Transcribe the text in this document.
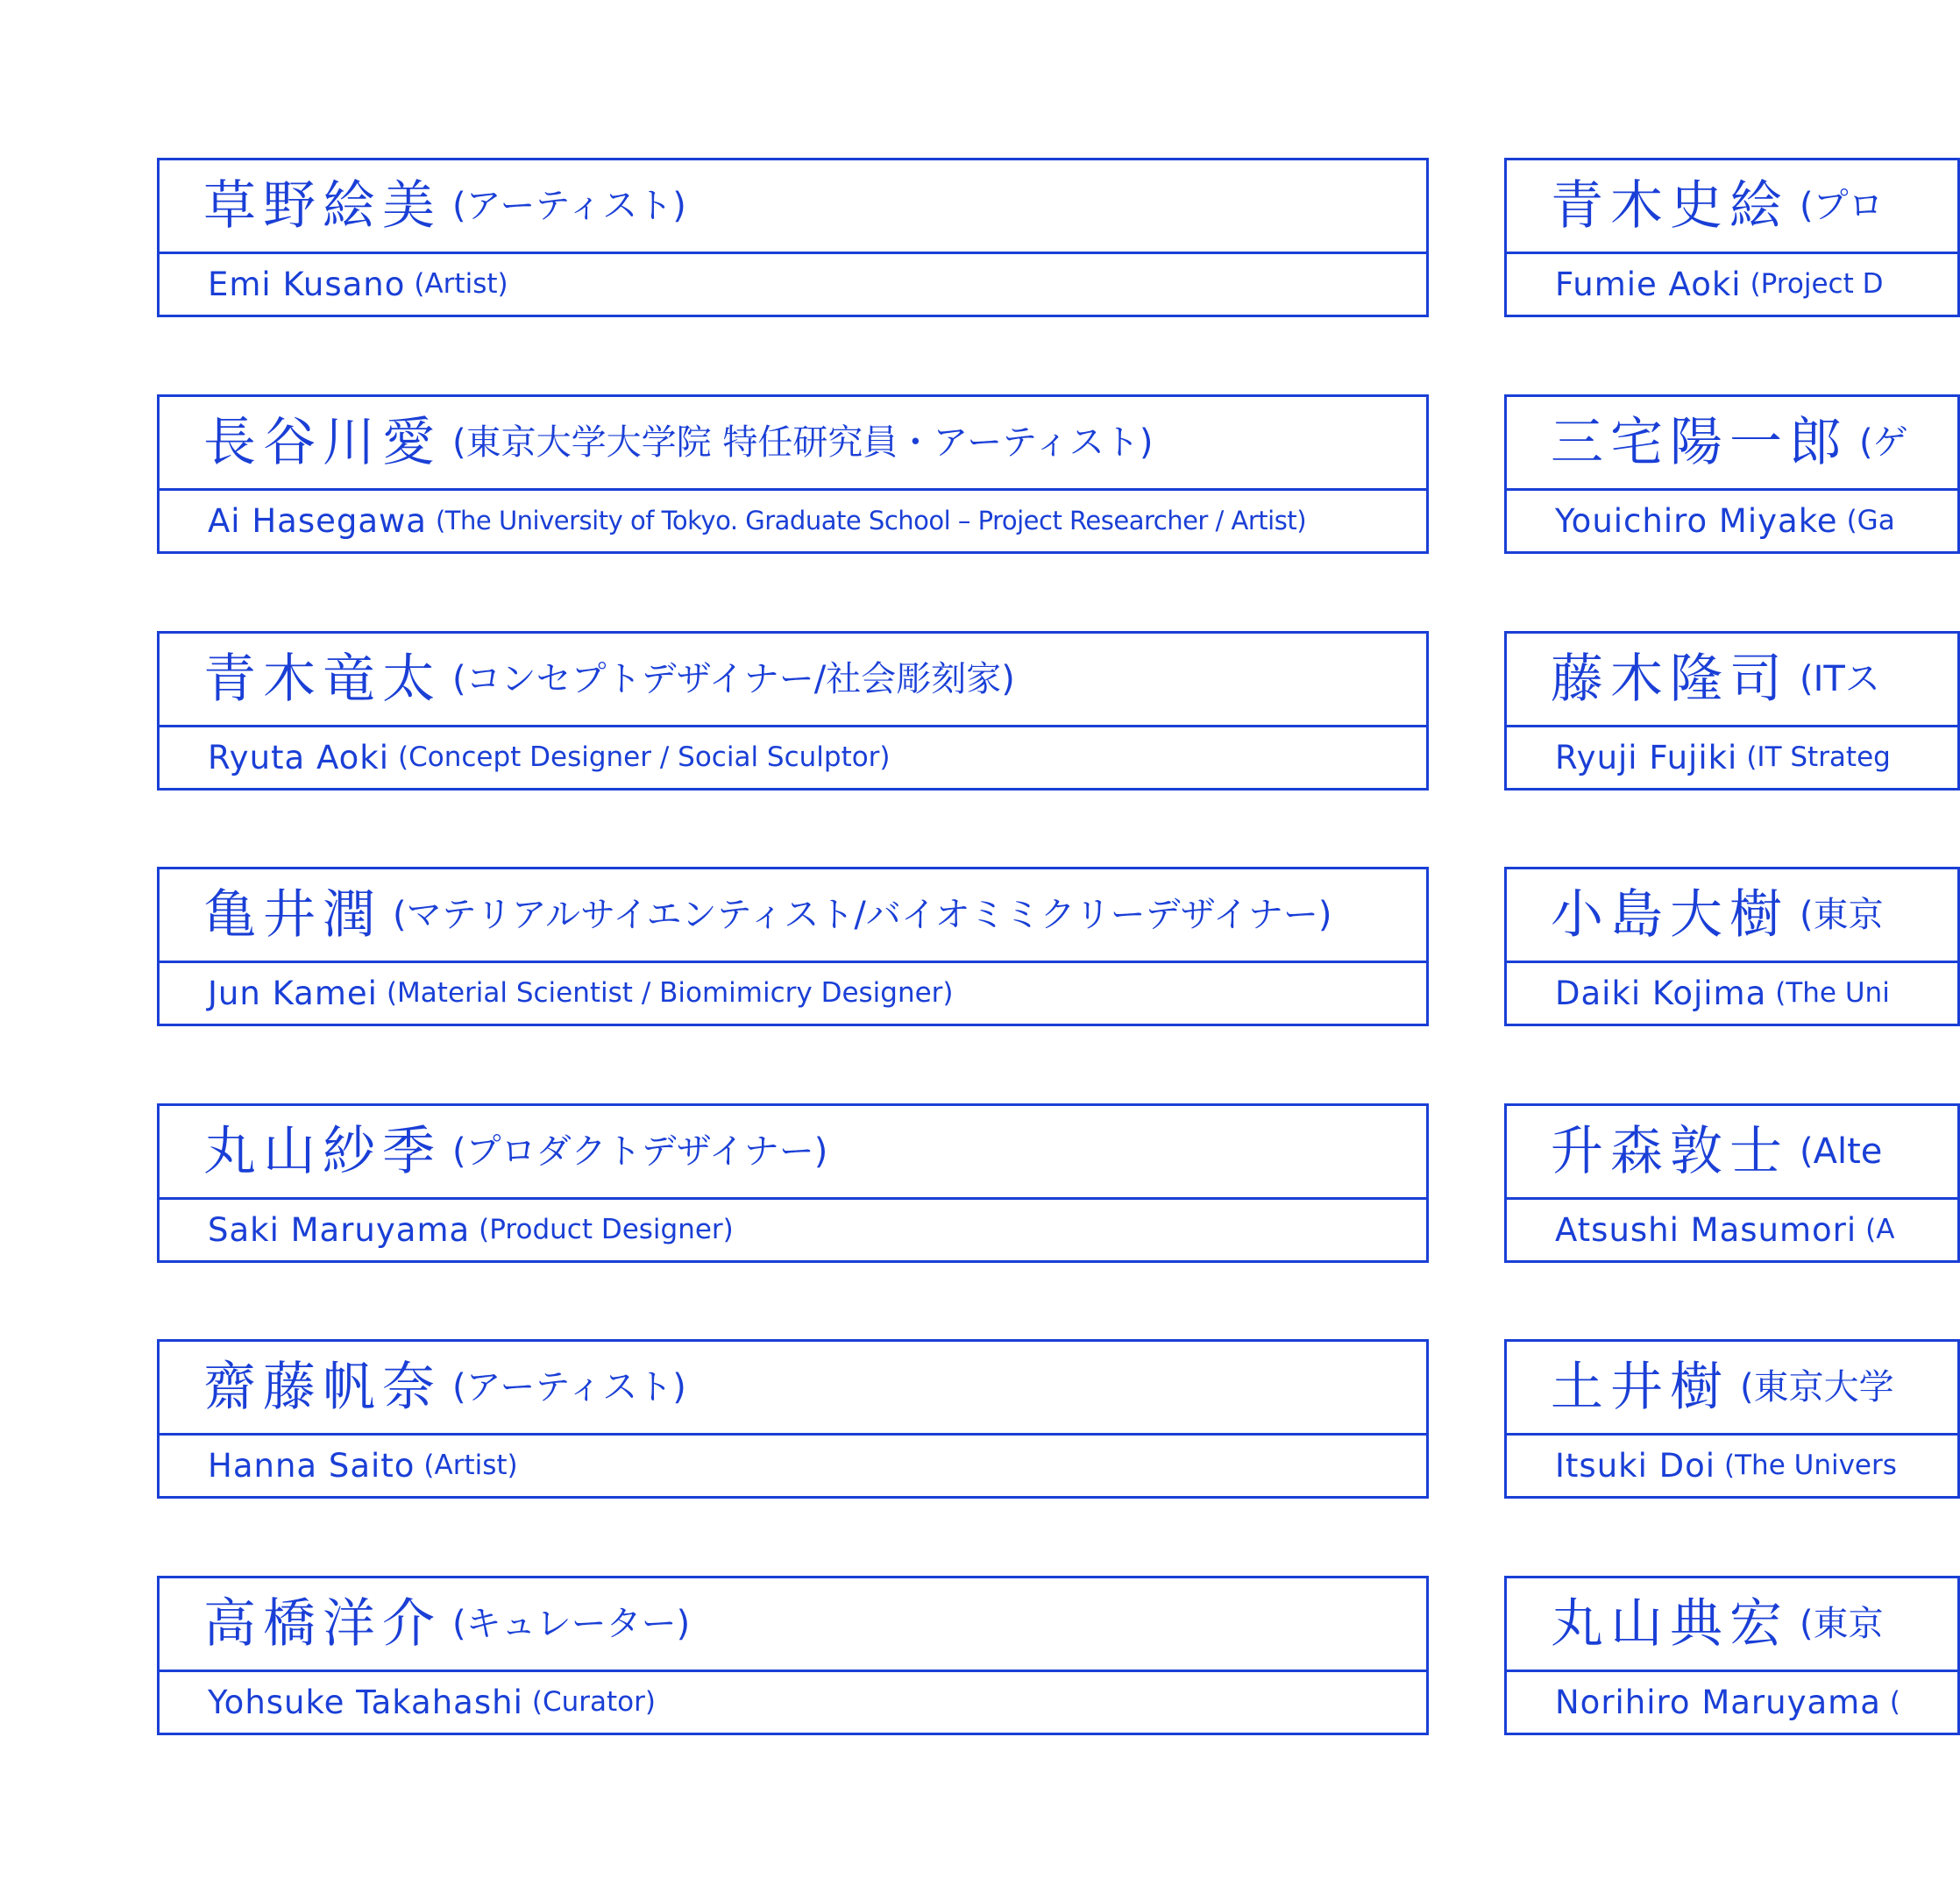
草野絵美 (アーティスト)
Emi Kusano (Artist)
長谷川愛 (東京大学大学院 特任研究員・アーティスト)
Ai Hasegawa (The University of Tokyo. Graduate School – Project Researcher / Artist)
青木竜太 (コンセプトデザイナー/社会彫刻家)
Ryuta Aoki (Concept Designer / Social Sculptor)
亀井潤 (マテリアルサイエンティスト/バイオミミクリーデザイナー)
Jun Kamei (Material Scientist / Biomimicry Designer)
丸山紗季 (プロダクトデザイナー)
Saki Maruyama (Product Designer)
齋藤帆奈 (アーティスト)
Hanna Saito (Artist)
高橋洋介 (キュレーター)
Yohsuke Takahashi (Curator)
青木史絵 (プロ
Fumie Aoki (Project D
三宅陽一郎 (ゲ
Youichiro Miyake (Ga
藤木隆司 (ITス
Ryuji Fujiki (IT Strateg
小島大樹 (東京
Daiki Kojima (The Uni
升森敦士 (Alte
Atsushi Masumori (A
土井樹 (東京大学
Itsuki Doi (The Univers
丸山典宏 (東京
Norihiro Maruyama (
